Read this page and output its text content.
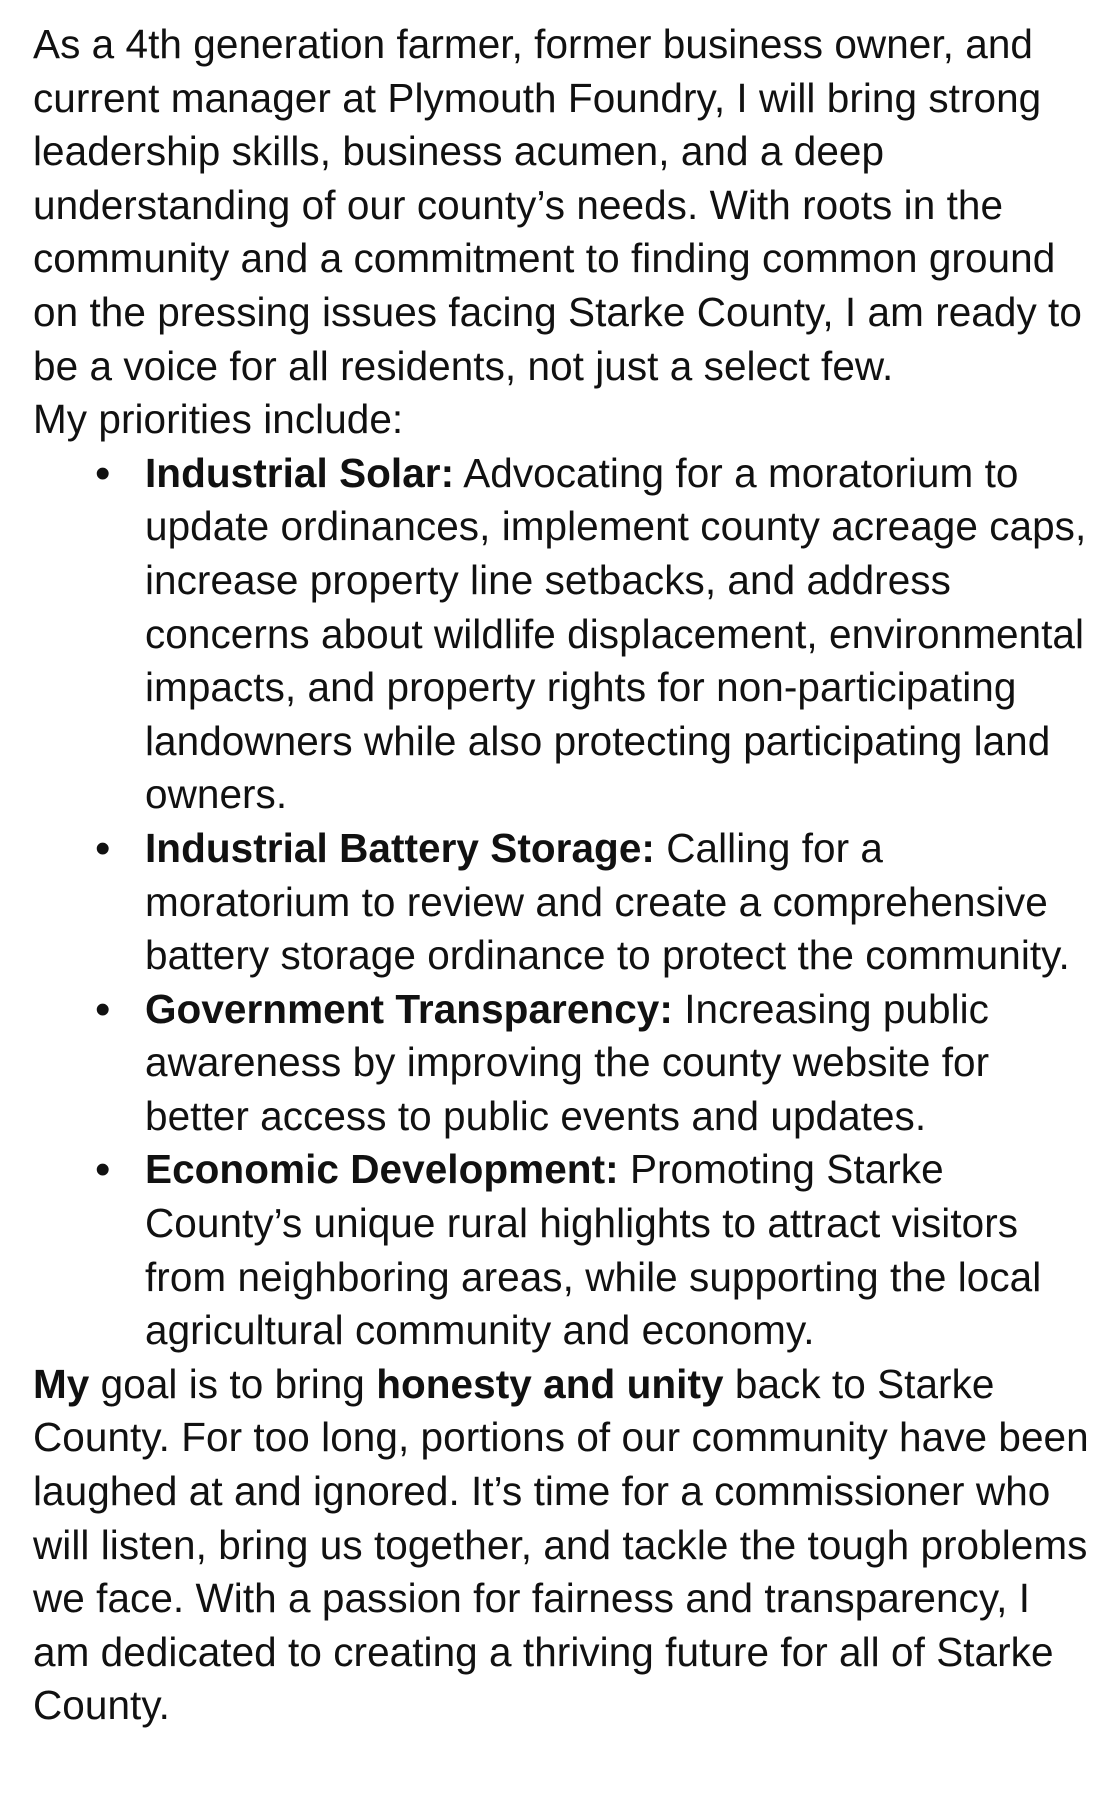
As a 4th generation farmer, former business owner, and current manager at Plymouth Foundry, I will bring strong leadership skills, business acumen, and a deep understanding of our county’s needs. With roots in the community and a commitment to finding common ground on the pressing issues facing Starke County, I am ready to be a voice for all residents, not just a select few.

My priorities include:

• Industrial Solar: Advocating for a moratorium to update ordinances, implement county acreage caps, increase property line setbacks, and address concerns about wildlife displacement, environmental impacts, and property rights for non-participating landowners while also protecting participating land owners.
• Industrial Battery Storage: Calling for a moratorium to review and create a comprehensive battery storage ordinance to protect the community.
• Government Transparency: Increasing public awareness by improving the county website for better access to public events and updates.
• Economic Development: Promoting Starke County’s unique rural highlights to attract visitors from neighboring areas, while supporting the local agricultural community and economy.

My goal is to bring honesty and unity back to Starke County. For too long, portions of our community have been laughed at and ignored. It’s time for a commissioner who will listen, bring us together, and tackle the tough problems we face. With a passion for fairness and transparency, I am dedicated to creating a thriving future for all of Starke County.
